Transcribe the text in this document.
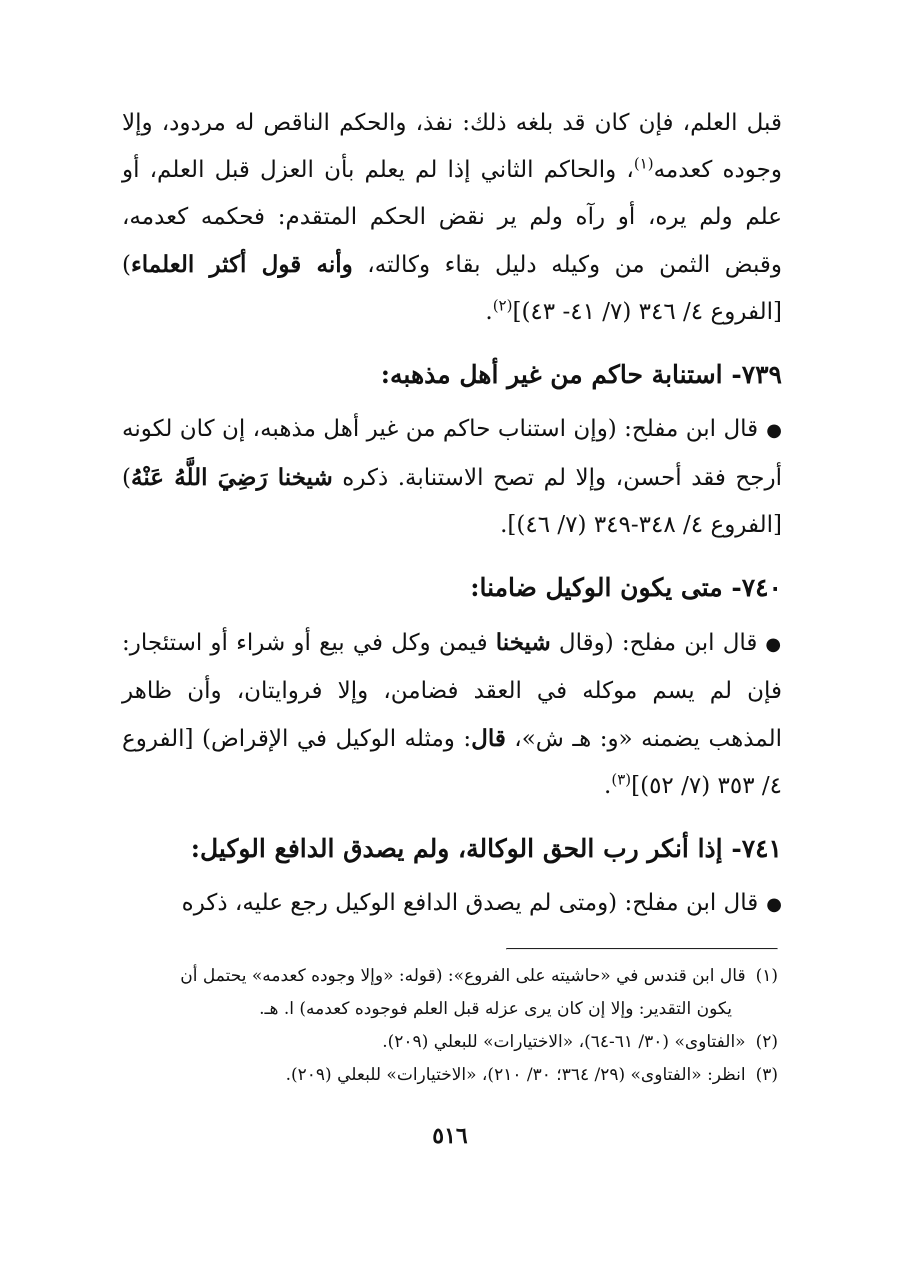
قبل العلم، فإن كان قد بلغه ذلك: نفذ، والحكم الناقص له مردود، وإلا وجوده كعدمه$^{(١)}$، والحاكم الثاني إذا لم يعلم بأن العزل قبل العلم، أو علم ولم يره، أو رآه ولم ير نقض الحكم المتقدم: فحكمه كعدمه، وقبض الثمن من وكيله دليل بقاء وكالته، وأنه قول أكثر العلماء) [الفروع ٤/ ٣٤٦ (٧/ ٤١- ٤٣)]$^{(٢)}$.

٧٣٩- استنابة حاكم من غير أهل مذهبه:

●قال ابن مفلح: (وإن استناب حاكم من غير أهل مذهبه، إن كان لكونه أرجح فقد أحسن، وإلا لم تصح الاستنابة. ذكره شيخنا رَضِيَ اللَّهُ عَنْهُ) [الفروع ٤/ ٣٤٨-٣٤٩ (٧/ ٤٦)].

٧٤٠- متى يكون الوكيل ضامنا:

●قال ابن مفلح: (وقال شيخنا فيمن وكل في بيع أو شراء أو استئجار: فإن لم يسم موكله في العقد فضامن، وإلا فروايتان، وأن ظاهر المذهب يضمنه «و: هـ ش»، قال: ومثله الوكيل في الإقراض) [الفروع ٤/ ٣٥٣ (٧/ ٥٢)]$^{(٣)}$.

٧٤١- إذا أنكر رب الحق الوكالة، ولم يصدق الدافع الوكيل:

●قال ابن مفلح: (ومتى لم يصدق الدافع الوكيل رجع عليه، ذكره

(١)قال ابن قندس في «حاشيته على الفروع»: (قوله: «وإلا وجوده كعدمه» يحتمل أن
يكون التقدير: وإلا إن كان يرى عزله قبل العلم فوجوده كعدمه) ا. هـ.

(٢)«الفتاوى» (٣٠/ ٦١-٦٤)، «الاختيارات» للبعلي (٢٠٩).

(٣)انظر: «الفتاوى» (٢٩/ ٣٦٤؛ ٣٠/ ٢١٠)، «الاختيارات» للبعلي (٢٠٩).

٥١٦
